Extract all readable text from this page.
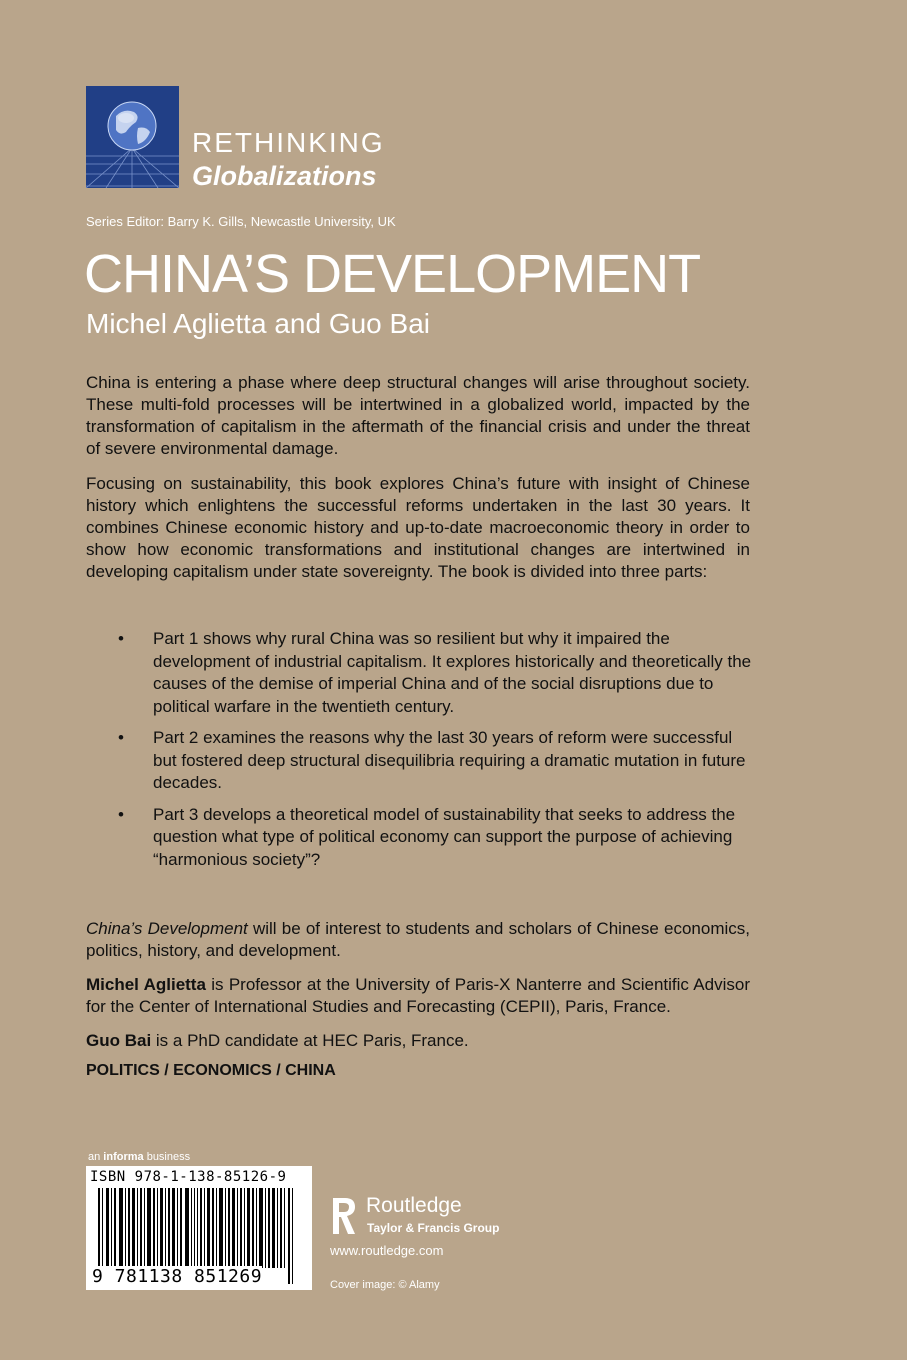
RETHINKING
Globalizations
Series Editor: Barry K. Gills, Newcastle University, UK
CHINA’S DEVELOPMENT
Michel Aglietta and Guo Bai
China is entering a phase where deep structural changes will arise throughout society. These multi-fold processes will be intertwined in a globalized world, impacted by the transformation of capitalism in the aftermath of the financial crisis and under the threat of severe environmental damage.
Focusing on sustainability, this book explores China’s future with insight of Chinese history which enlightens the successful reforms undertaken in the last 30 years. It combines Chinese economic history and up-to-date macroeconomic theory in order to show how economic transformations and institutional changes are intertwined in developing capitalism under state sovereignty. The book is divided into three parts:
• Part 1 shows why rural China was so resilient but why it impaired the development of industrial capitalism. It explores historically and theoretically the causes of the demise of imperial China and of the social disruptions due to political warfare in the twentieth century.
• Part 2 examines the reasons why the last 30 years of reform were successful but fostered deep structural disequilibria requiring a dramatic mutation in future decades.
• Part 3 develops a theoretical model of sustainability that seeks to address the question what type of political economy can support the purpose of achieving “harmonious society”?
China’s Development will be of interest to students and scholars of Chinese economics, politics, history, and development.
Michel Aglietta is Professor at the University of Paris-X Nanterre and Scientific Advisor for the Center of International Studies and Forecasting (CEPII), Paris, France.
Guo Bai is a PhD candidate at HEC Paris, France.
POLITICS / ECONOMICS / CHINA
an informa business
ISBN 978-1-138-85126-9
9 781138 851269
Routledge
Taylor & Francis Group
www.routledge.com
Cover image: © Alamy
